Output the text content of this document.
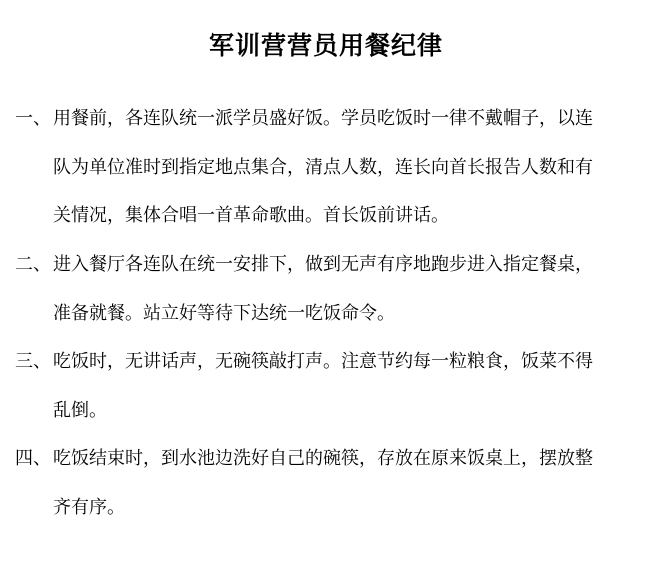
军训营营员用餐纪律
一、 用餐前，各连队统一派学员盛好饭。学员吃饭时一律不戴帽子，以连
队为单位准时到指定地点集合，清点人数，连长向首长报告人数和有
关情况，集体合唱一首革命歌曲。首长饭前讲话。
二、 进入餐厅各连队在统一安排下，做到无声有序地跑步进入指定餐桌，
准备就餐。站立好等待下达统一吃饭命令。
三、 吃饭时，无讲话声，无碗筷敲打声。注意节约每一粒粮食，饭菜不得
乱倒。
四、 吃饭结束时，到水池边洗好自己的碗筷，存放在原来饭桌上，摆放整
齐有序。
